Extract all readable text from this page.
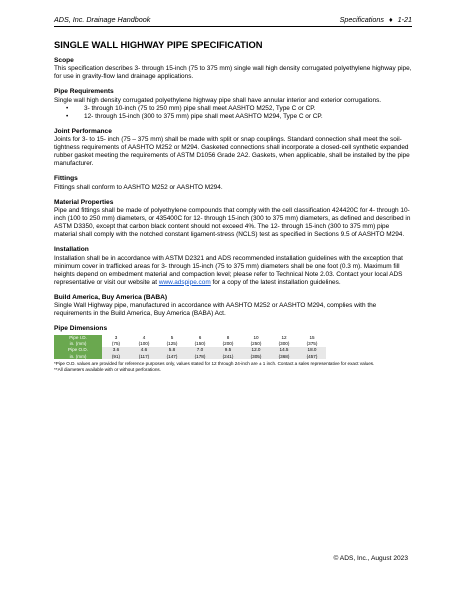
ADS, Inc. Drainage Handbook	Specifications ♦ 1-21
SINGLE WALL HIGHWAY PIPE SPECIFICATION
Scope

This specification describes 3- through 15-inch (75 to 375 mm) single wall high density corrugated polyethylene highway pipe, for use in gravity-flow land drainage applications.

Pipe Requirements

Single wall high density corrugated polyethylene highway pipe shall have annular interior and exterior corrugations.

• 3- through 10-inch (75 to 250 mm) pipe shall meet AASHTO M252, Type C or CP.
• 12- through 15-inch (300 to 375 mm) pipe shall meet AASHTO M294, Type C or CP.
Joint Performance

Joints for 3- to 15- inch (75 – 375 mm) shall be made with split or snap couplings. Standard connection shall meet the soil-tightness requirements of AASHTO M252 or M294. Gasketed connections shall incorporate a closed-cell synthetic expanded rubber gasket meeting the requirements of ASTM D1056 Grade 2A2. Gaskets, when applicable, shall be installed by the pipe manufacturer.

Fittings

Fittings shall conform to AASHTO M252 or AASHTO M294.

Material Properties

Pipe and fittings shall be made of polyethylene compounds that comply with the cell classification 424420C for 4- through 10-inch (100 to 250 mm) diameters, or 435400C for 12- through 15-inch (300 to 375 mm) diameters, as defined and described in ASTM D3350, except that carbon black content should not exceed 4%. The 12- through 15-inch (300 to 375 mm) pipe material shall comply with the notched constant ligament-stress (NCLS) test as specified in Sections 9.5 of AASHTO M294.

Installation

Installation shall be in accordance with ASTM D2321 and ADS recommended installation guidelines with the exception that minimum cover in trafficked areas for 3- through 15-inch (75 to 375 mm) diameters shall be one foot (0.3 m). Maximum fill heights depend on embedment material and compaction level; please refer to Technical Note 2.03. Contact your local ADS representative or visit our website at www.adspipe.com for a copy of the latest installation guidelines.

Build America, Buy America (BABA)

Single Wall Highway pipe, manufactured in accordance with AASHTO M252 or AASHTO M294, complies with the requirements in the Build America, Buy America (BABA) Act.

Pipe Dimensions
Pipe I.D.	3	4	5	6	8	10	12	15
in. (mm)	(75)	(100)	(125)	(150)	(200)	(250)	(300)	(375)
Pipe O.D.	3.6	4.6	5.8	7.0	9.5	12.0	14.5	18.0
in. (mm)	(91)	(117)	(147)	(178)	(241)	(305)	(368)	(457)
*Pipe O.D. values are provided for reference purposes only, values stated for 12 through 24-inch are ± 1 inch. Contact a sales representative for exact values.
**All diameters available with or without perforations.
© ADS, Inc., August 2023
